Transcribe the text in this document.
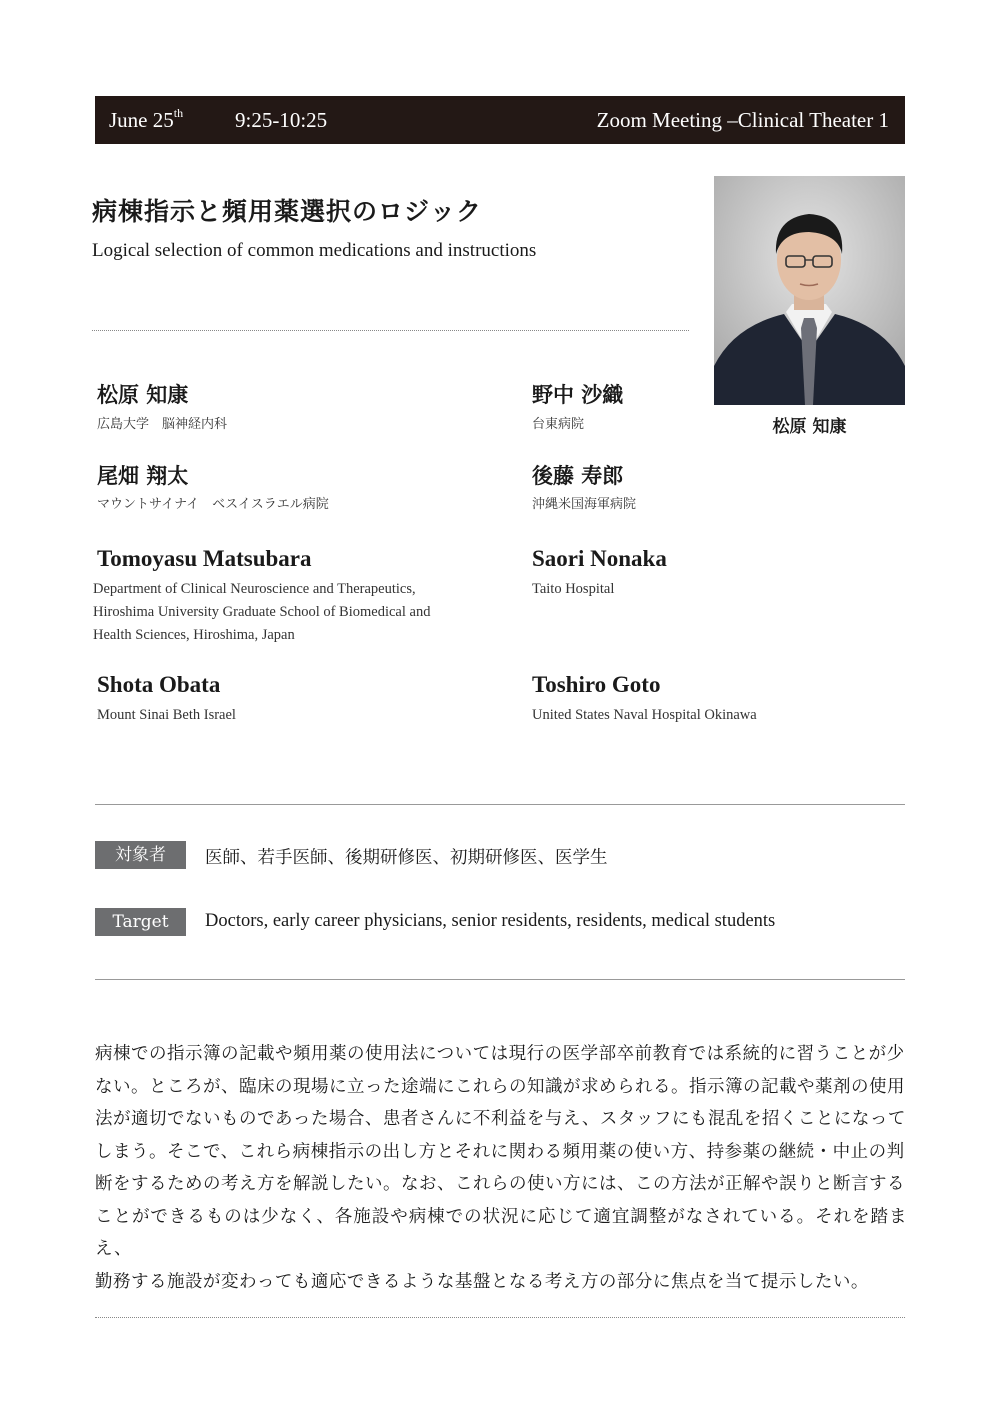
June 25th 9:25-10:25	Zoom Meeting –Clinical Theater 1
病棟指示と頻用薬選択のロジック
Logical selection of common medications and instructions
松原 知康
松原 知康
広島大学　脳神経内科
野中 沙織
台東病院
尾畑 翔太
マウントサイナイ　ベスイスラエル病院
後藤 寿郎
沖縄米国海軍病院
Tomoyasu Matsubara
Department of Clinical Neuroscience and Therapeutics,
Hiroshima University Graduate School of Biomedical and
Health Sciences, Hiroshima, Japan
Saori Nonaka
Taito Hospital
Shota Obata
Mount Sinai Beth Israel
Toshiro Goto
United States Naval Hospital Okinawa
対象者	医師、若手医師、後期研修医、初期研修医、医学生
Target	Doctors, early career physicians, senior residents, residents, medical students
病棟での指示簿の記載や頻用薬の使用法については現行の医学部卒前教育では系統的に習うことが少
ない。ところが、臨床の現場に立った途端にこれらの知識が求められる。指示簿の記載や薬剤の使用
法が適切でないものであった場合、患者さんに不利益を与え、スタッフにも混乱を招くことになって
しまう。そこで、これら病棟指示の出し方とそれに関わる頻用薬の使い方、持参薬の継続・中止の判
断をするための考え方を解説したい。なお、これらの使い方には、この方法が正解や誤りと断言する
ことができるものは少なく、各施設や病棟での状況に応じて適宜調整がなされている。それを踏まえ、
勤務する施設が変わっても適応できるような基盤となる考え方の部分に焦点を当て提示したい。
